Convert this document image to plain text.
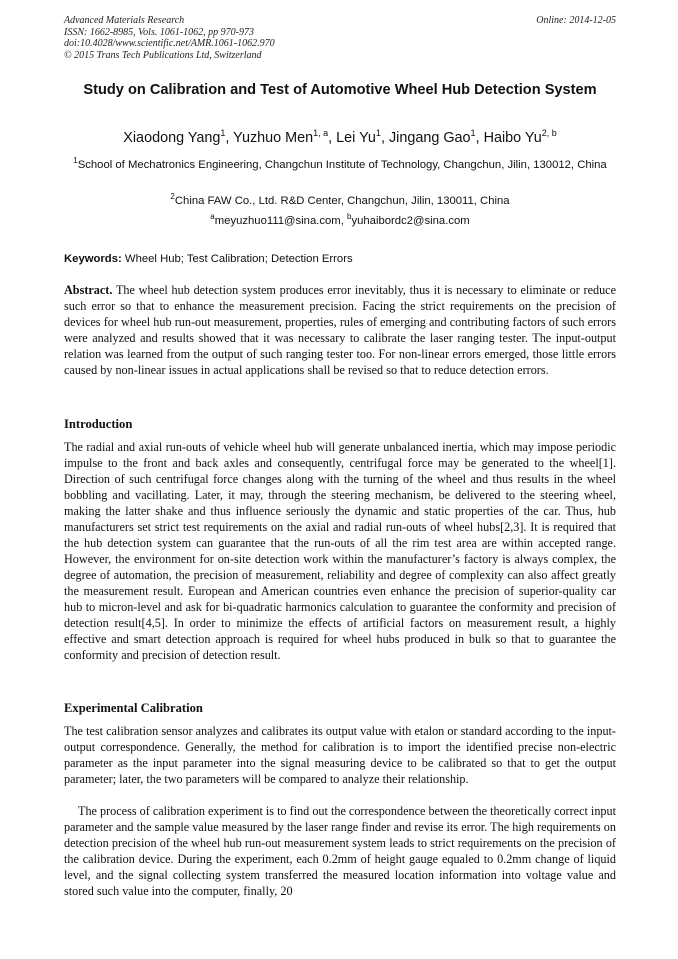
Advanced Materials Research
ISSN: 1662-8985, Vols. 1061-1062, pp 970-973
doi:10.4028/www.scientific.net/AMR.1061-1062.970
© 2015 Trans Tech Publications Ltd, Switzerland
Online: 2014-12-05
Study on Calibration and Test of Automotive Wheel Hub Detection System
Xiaodong Yang$^1$, Yuzhuo Men$^{1, a}$, Lei Yu$^1$, Jingang Gao$^1$, Haibo Yu$^{2, b}$
$^1$School of Mechatronics Engineering, Changchun Institute of Technology, Changchun, Jilin, 130012, China
$^2$China FAW Co., Ltd. R&D Center, Changchun, Jilin, 130011, China
$^a$meyuzhuo111@sina.com, $^b$yuhaibordc2@sina.com
Keywords: Wheel Hub; Test Calibration; Detection Errors

Abstract. The wheel hub detection system produces error inevitably, thus it is necessary to eliminate or reduce such error so that to enhance the measurement precision. Facing the strict requirements on the precision of devices for wheel hub run-out measurement, properties, rules of emerging and contributing factors of such errors were analyzed and results showed that it was necessary to calibrate the laser ranging tester. The input-output relation was learned from the output of such ranging tester too. For non-linear errors emerged, those little errors caused by non-linear issues in actual applications shall be revised so that to reduce detection errors.

Introduction

The radial and axial run-outs of vehicle wheel hub will generate unbalanced inertia, which may impose periodic impulse to the front and back axles and consequently, centrifugal force may be generated to the wheel[1]. Direction of such centrifugal force changes along with the turning of the wheel and thus results in the wheel bobbling and vacillating. Later, it may, through the steering mechanism, be delivered to the steering wheel, making the latter shake and thus influence seriously the dynamic and static properties of the car. Thus, hub manufacturers set strict test requirements on the axial and radial run-outs of wheel hubs[2,3]. It is required that the hub detection system can guarantee that the run-outs of all the rim test area are within accepted range. However, the environment for on-site detection work within the manufacturer’s factory is always complex, the degree of automation, the precision of measurement, reliability and degree of complexity can also affect greatly the measurement result. European and American countries even enhance the precision of superior-quality car hub to micron-level and ask for bi-quadratic harmonics calculation to guarantee the conformity and precision of detection result[4,5]. In order to minimize the effects of artificial factors on measurement result, a highly effective and smart detection approach is required for wheel hubs produced in bulk so that to guarantee the conformity and precision of detection result.

Experimental Calibration

The test calibration sensor analyzes and calibrates its output value with etalon or standard according to the input-output correspondence. Generally, the method for calibration is to import the identified precise non-electric parameter as the input parameter into the signal measuring device to be calibrated so that to get the output parameter; later, the two parameters will be compared to analyze their relationship.

The process of calibration experiment is to find out the correspondence between the theoretically correct input parameter and the sample value measured by the laser range finder and revise its error. The high requirements on detection precision of the wheel hub run-out measurement system leads to strict requirements on the precision of the calibration device. During the experiment, each 0.2mm of height gauge equaled to 0.2mm change of liquid level, and the signal collecting system transferred the measured location information into voltage value and stored such value into the computer, finally, 20
